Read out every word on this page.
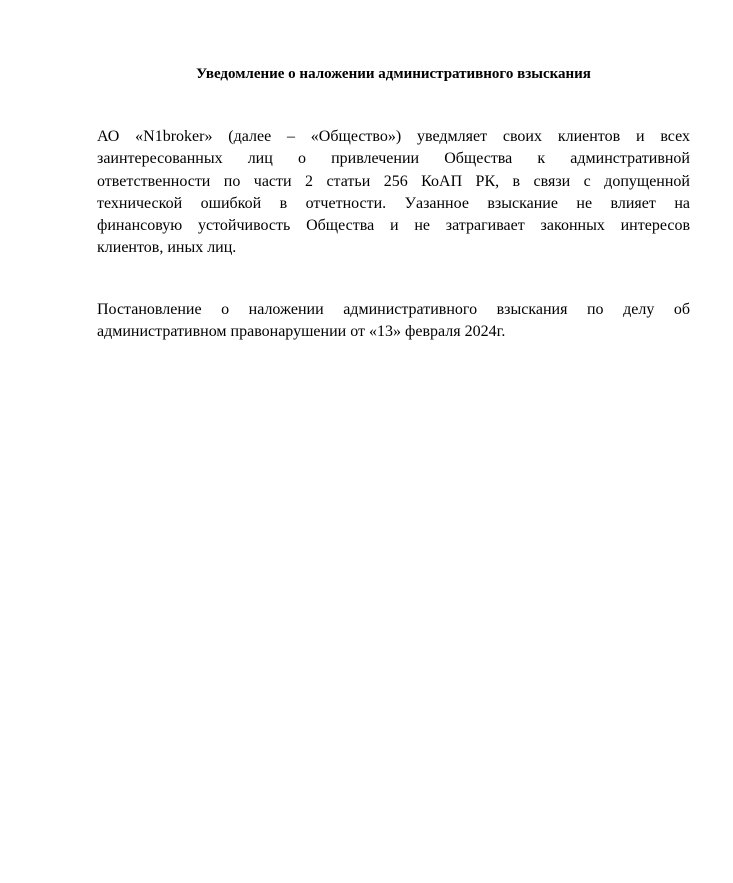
Уведомление о наложении административного взыскания
АО «N1broker» (далее – «Общество») уведмляет своих клиентов и всех
заинтересованных лиц о привлечении Общества к админстративной
ответственности по части 2 статьи 256 КоАП РК, в связи с допущенной
технической ошибкой в отчетности. Уазанное взыскание не влияет на
финансовую устойчивость Общества и не затрагивает законных интересов
клиентов, иных лиц.
Постановление о наложении административного взыскания по делу об
административном правонарушении от «13» февраля 2024г.
